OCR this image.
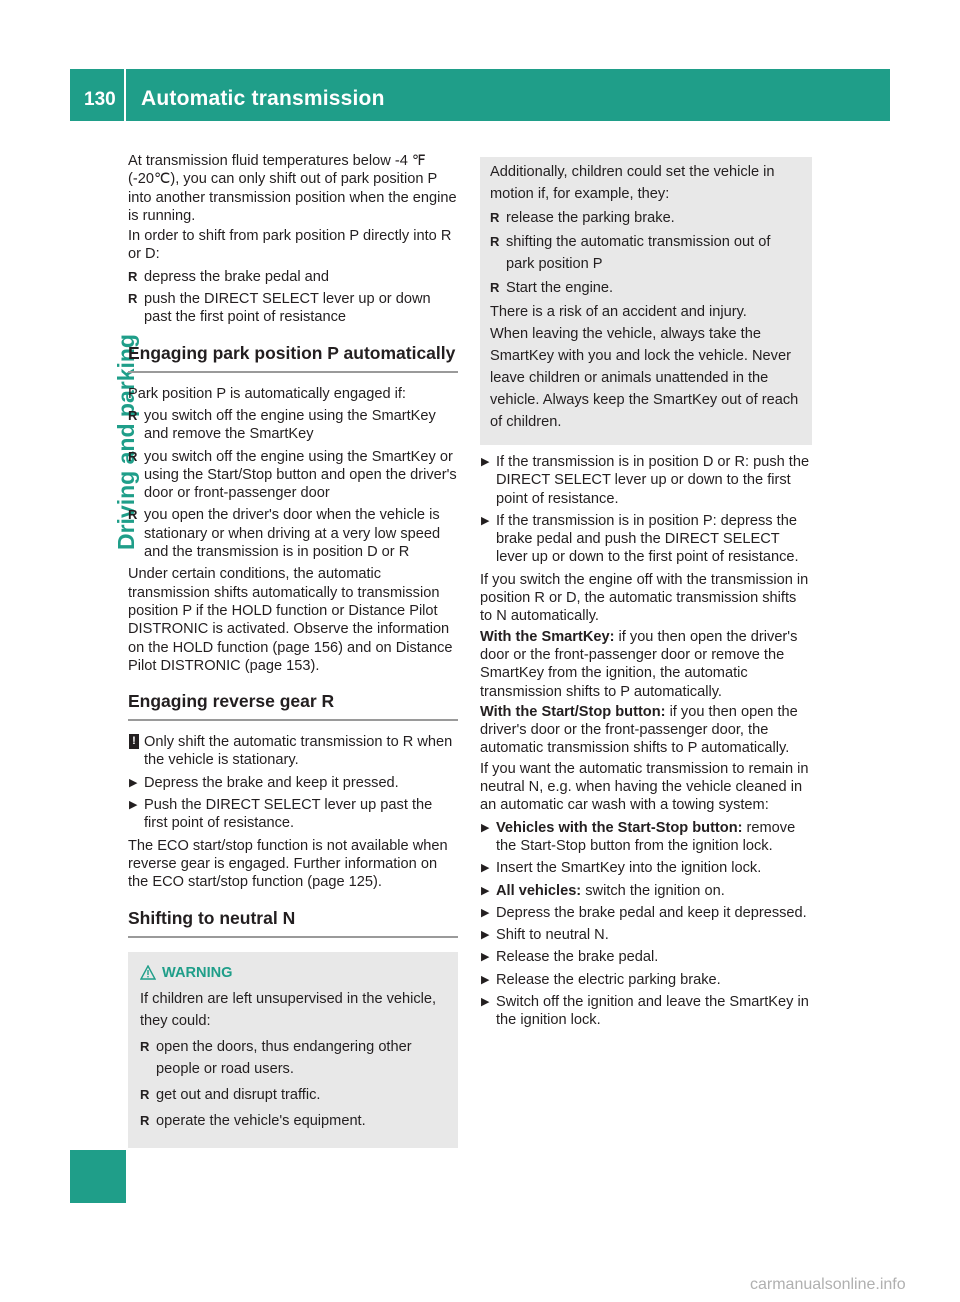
130 Automatic transmission
Driving and parking

At transmission fluid temperatures below -4 ℉ (-20℃), you can only shift out of park position P into another transmission position when the engine is running.

In order to shift from park position P directly into R or D:

R depress the brake pedal and
R push the DIRECT SELECT lever up or down past the first point of resistance
Engaging park position P automatically

Park position P is automatically engaged if:

R you switch off the engine using the SmartKey and remove the SmartKey
R you switch off the engine using the SmartKey or using the Start/Stop button and open the driver's door or front-passenger door
R you open the driver's door when the vehicle is stationary or when driving at a very low speed and the transmission is in position D or R

Under certain conditions, the automatic transmission shifts automatically to transmission position P if the HOLD function or Distance Pilot DISTRONIC is activated. Observe the information on the HOLD function (page 156) and on Distance Pilot DISTRONIC (page 153).

Engaging reverse gear R
! Only shift the automatic transmission to R when the vehicle is stationary.
▶ Depress the brake and keep it pressed.
▶ Push the DIRECT SELECT lever up past the first point of resistance.

The ECO start/stop function is not available when reverse gear is engaged. Further information on the ECO start/stop function (page 125).

Shifting to neutral N
WARNING
If children are left unsupervised in the vehicle, they could:
R open the doors, thus endangering other people or road users.
R get out and disrupt traffic.
R operate the vehicle's equipment.
Additionally, children could set the vehicle in motion if, for example, they:
R release the parking brake.
R shifting the automatic transmission out of park position P
R Start the engine.
There is a risk of an accident and injury.
When leaving the vehicle, always take the SmartKey with you and lock the vehicle. Never leave children or animals unattended in the vehicle. Always keep the SmartKey out of reach of children.
▶ If the transmission is in position D or R: push the DIRECT SELECT lever up or down to the first point of resistance.
▶ If the transmission is in position P: depress the brake pedal and push the DIRECT SELECT lever up or down to the first point of resistance.

If you switch the engine off with the transmission in position R or D, the automatic transmission shifts to N automatically.

With the SmartKey: if you then open the driver's door or the front-passenger door or remove the SmartKey from the ignition, the automatic transmission shifts to P automatically.

With the Start/Stop button: if you then open the driver's door or the front-passenger door, the automatic transmission shifts to P automatically.

If you want the automatic transmission to remain in neutral N, e.g. when having the vehicle cleaned in an automatic car wash with a towing system:

▶ Vehicles with the Start-Stop button: remove the Start-Stop button from the ignition lock.
▶ Insert the SmartKey into the ignition lock.
▶ All vehicles: switch the ignition on.
▶ Depress the brake pedal and keep it depressed.
▶ Shift to neutral N.
▶ Release the brake pedal.
▶ Release the electric parking brake.
▶ Switch off the ignition and leave the SmartKey in the ignition lock.
carmanualsonline.info
